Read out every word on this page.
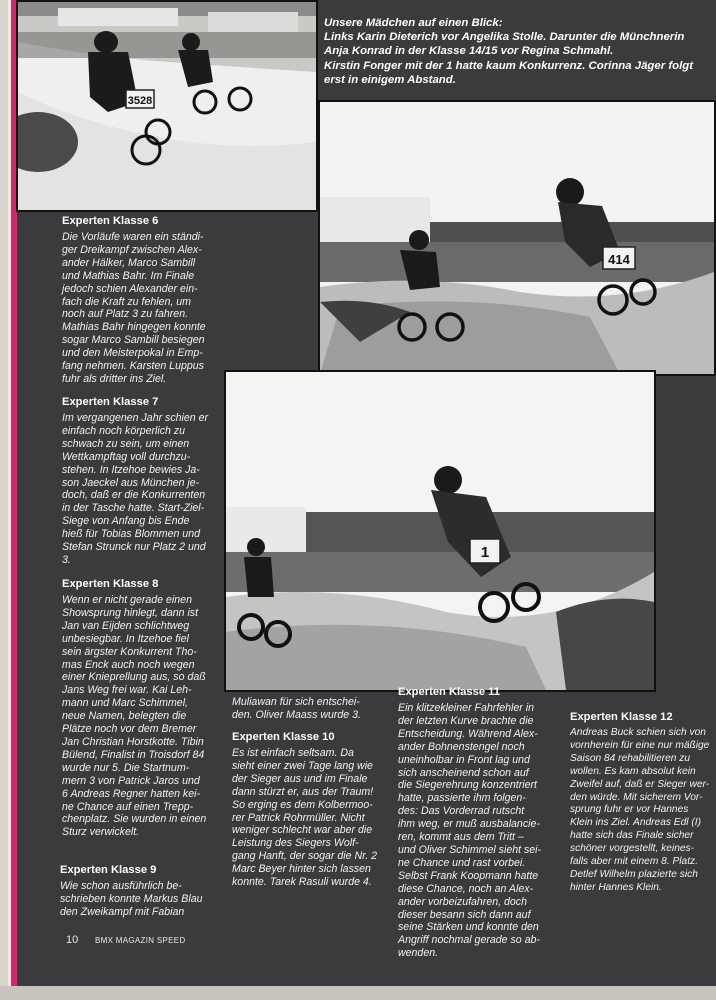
3528
Unsere Mädchen auf einen Blick:
Links Karin Dieterich vor Angelika Stolle. Darunter die Münchnerin
Anja Konrad in der Klasse 14/15 vor Regina Schmahl.
Kirstin Fonger mit der 1 hatte kaum Konkurrenz. Corinna Jäger folgt
erst in einigem Abstand.
414
1
Experten Klasse 6

Die Vorläufe waren ein ständi-

ger Dreikampf zwischen Alex-

ander Hälker, Marco Sambill

und Mathias Bahr. Im Finale

jedoch schien Alexander ein-

fach die Kraft zu fehlen, um

noch auf Platz 3 zu fahren.

Mathias Bahr hingegen konnte

sogar Marco Sambill besiegen

und den Meisterpokal in Emp-

fang nehmen. Karsten Luppus

fuhr als dritter ins Ziel.

Experten Klasse 7

Im vergangenen Jahr schien er

einfach noch körperlich zu

schwach zu sein, um einen

Wettkampftag voll durchzu-

stehen. In Itzehoe bewies Ja-

son Jaeckel aus München je-

doch, daß er die Konkurrenten

in der Tasche hatte. Start-Ziel-

Siege von Anfang bis Ende

hieß für Tobias Blommen und

Stefan Strunck nur Platz 2 und

3.

Experten Klasse 8

Wenn er nicht gerade einen

Showsprung hinlegt, dann ist

Jan van Eijden schlichtweg

unbesiegbar. In Itzehoe fiel

sein ärgster Konkurrent Tho-

mas Enck auch noch wegen

einer Knieprellung aus, so daß

Jans Weg frei war. Kai Leh-

mann und Marc Schimmel,

neue Namen, belegten die

Plätze noch vor dem Bremer

Jan Christian Horstkotte. Tibin

Bülend, Finalist in Troisdorf 84

wurde nur 5. Die Startnum-

mern 3 von Patrick Jaros und

6 Andreas Regner hatten kei-

ne Chance auf einen Trepp-

chenplatz. Sie wurden in einen

Sturz verwickelt.

Experten Klasse 9

Wie schon ausführlich be-

schrieben konnte Markus Blau

den Zweikampf mit Fabian

Muliawan für sich entschei-

den. Oliver Maass wurde 3.

Experten Klasse 10

Es ist einfach seltsam. Da

sieht einer zwei Tage lang wie

der Sieger aus und im Finale

dann stürzt er, aus der Traum!

So erging es dem Kolbermoo-

rer Patrick Rohrmüller. Nicht

weniger schlecht war aber die

Leistung des Siegers Wolf-

gang Hanft, der sogar die Nr. 2

Marc Beyer hinter sich lassen

konnte. Tarek Rasuli wurde 4.

Experten Klasse 11

Ein klitzekleiner Fahrfehler in

der letzten Kurve brachte die

Entscheidung. Während Alex-

ander Bohnenstengel noch

uneinholbar in Front lag und

sich anscheinend schon auf

die Siegerehrung konzentriert

hatte, passierte ihm folgen-

des: Das Vorderrad rutscht

ihm weg, er muß ausbalancie-

ren, kommt aus dem Tritt –

und Oliver Schimmel sieht sei-

ne Chance und rast vorbei.

Selbst Frank Koopmann hatte

diese Chance, noch an Alex-

ander vorbeizufahren, doch

dieser besann sich dann auf

seine Stärken und konnte den

Angriff nochmal gerade so ab-

wenden.

Experten Klasse 12

Andreas Buck schien sich von

vornherein für eine nur mäßige

Saison 84 rehabilitieren zu

wollen. Es kam absolut kein

Zweifel auf, daß er Sieger wer-

den würde. Mit sicherem Vor-

sprung fuhr er vor Hannes

Klein ins Ziel. Andreas Edl (I)

hatte sich das Finale sicher

schöner vorgestellt, keines-

falls aber mit einem 8. Platz.

Detlef Wilhelm plazierte sich

hinter Hannes Klein.

10 BMX MAGAZIN SPEED
